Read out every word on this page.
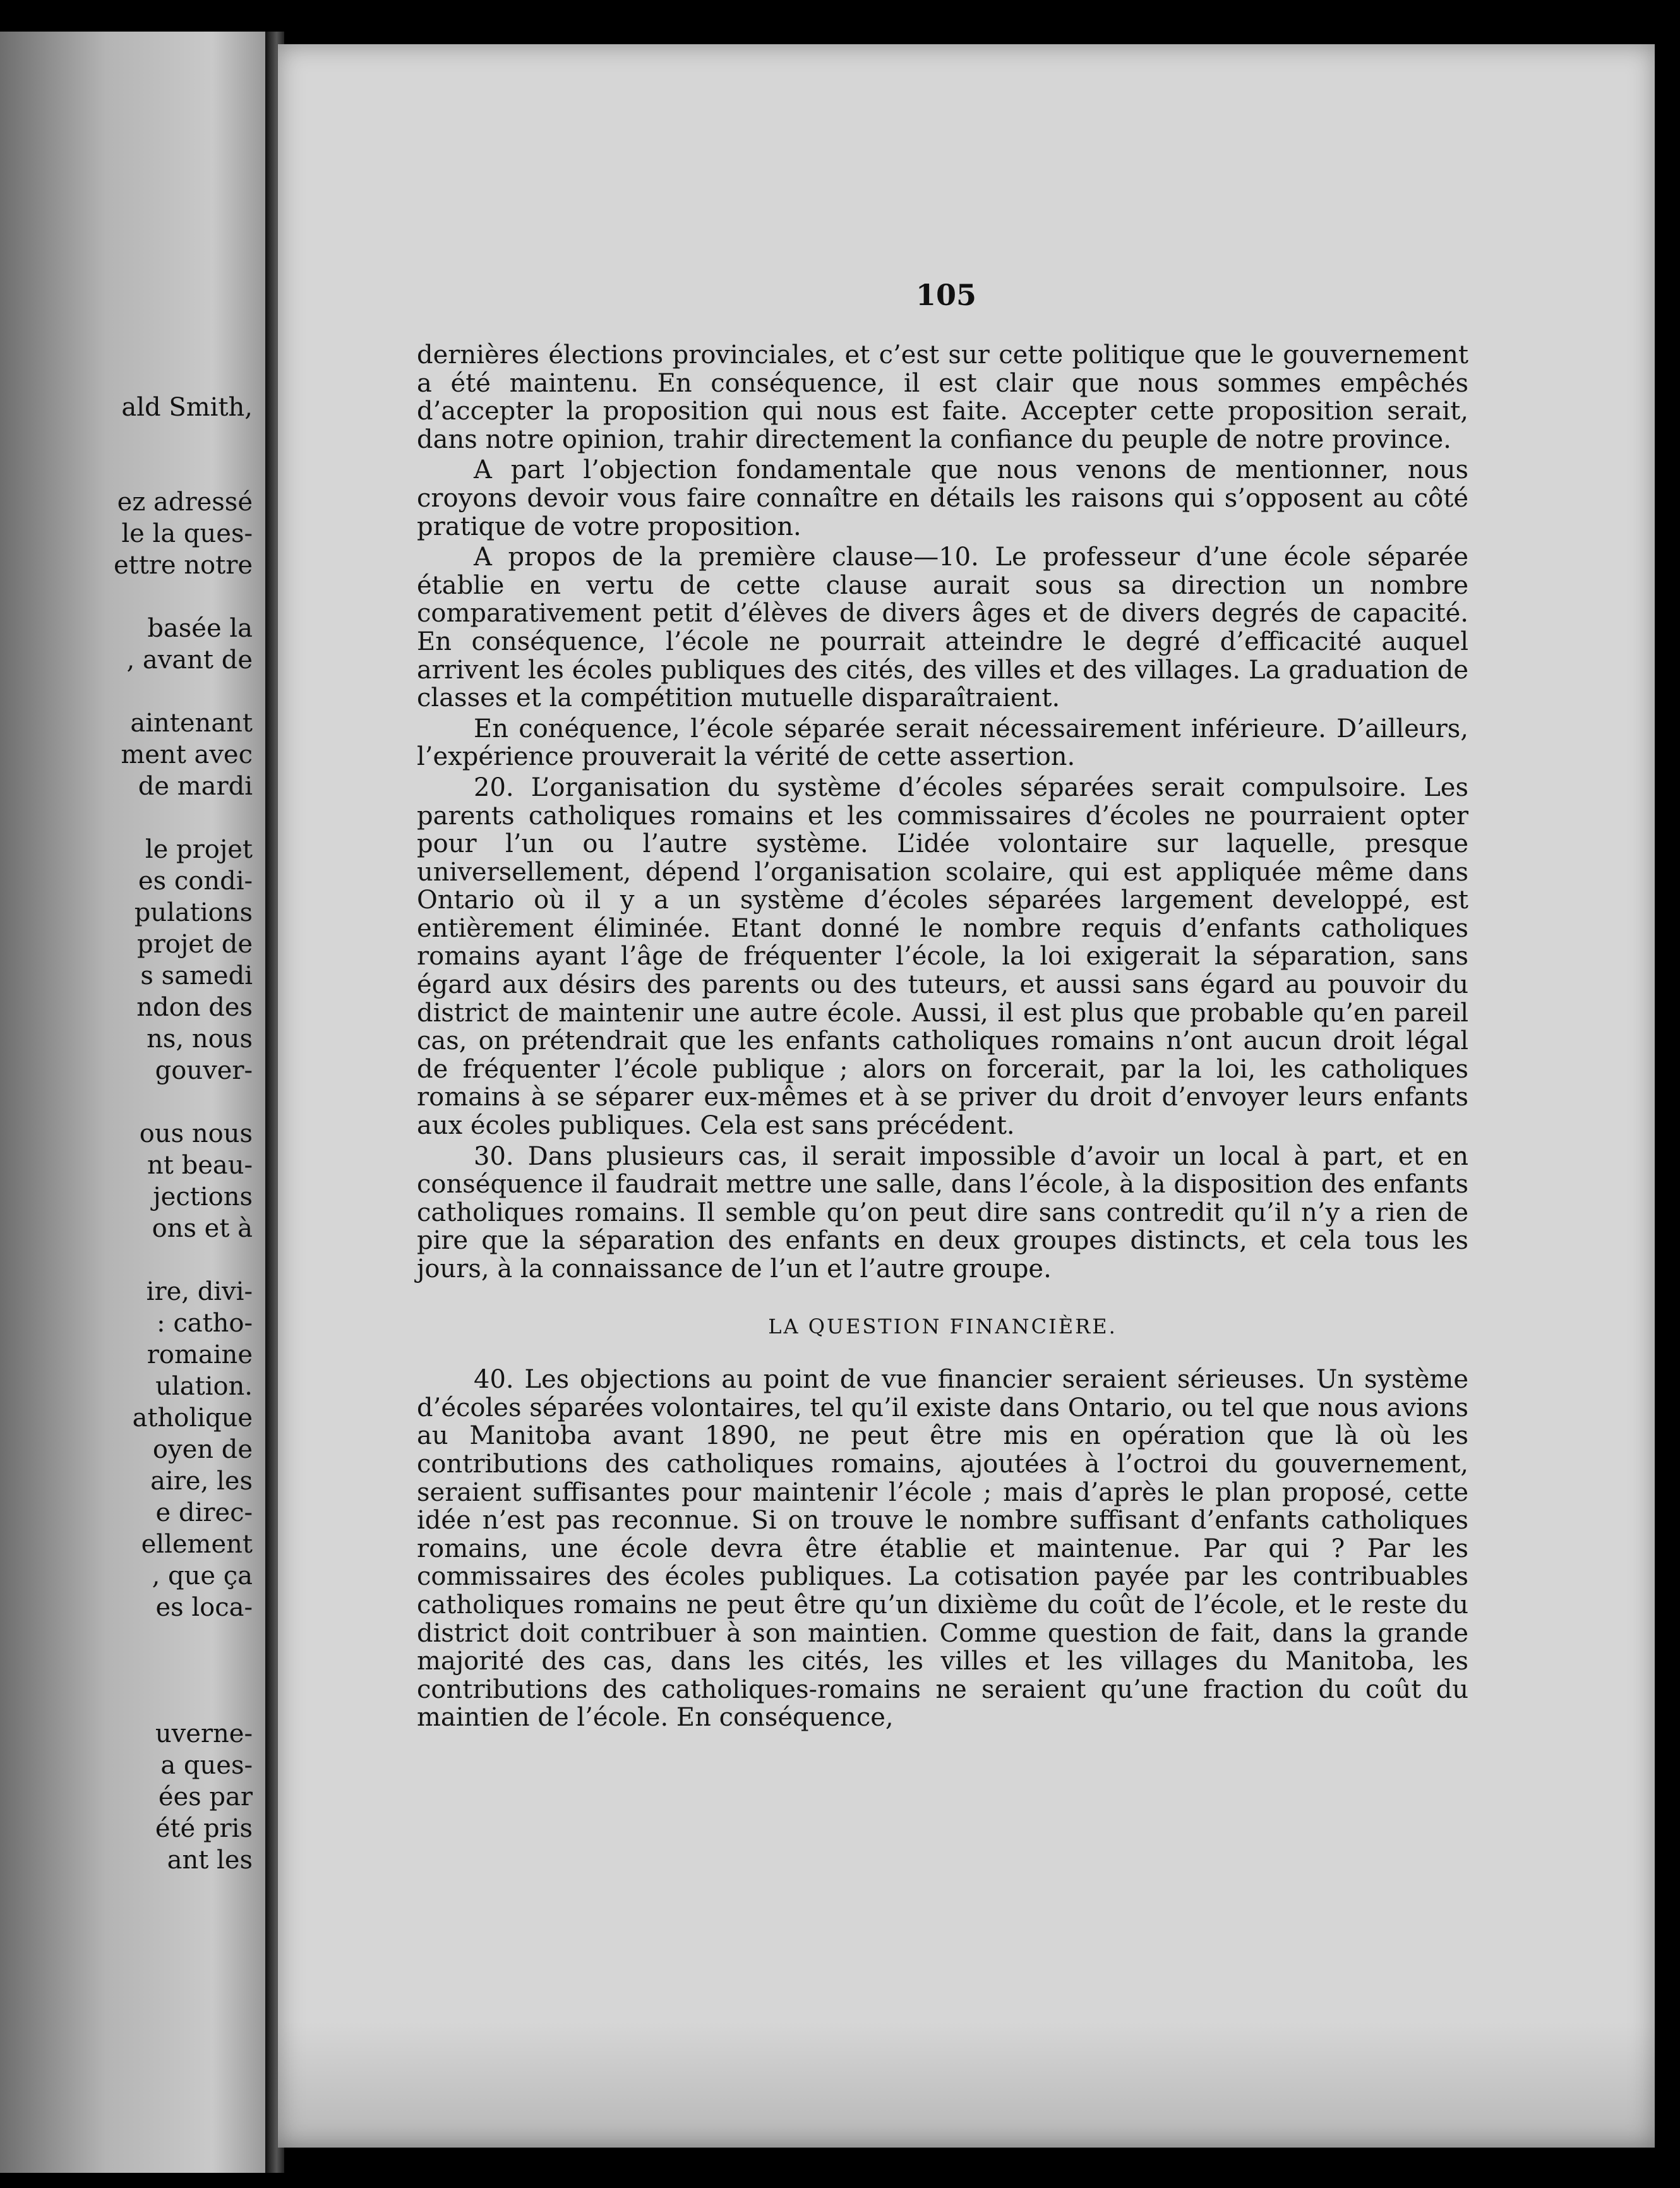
ald Smith,
ez adressé
le la ques-
ettre notre
basée la
, avant de
aintenant
ment avec
de mardi
le projet
es condi-
pulations
projet de
s samedi
ndon des
ns, nous
gouver-
ous nous
nt beau-
jections
ons et à
ire, divi-
: catho-
romaine
ulation.
atholique
oyen de
aire, les
e direc-
ellement
, que ça
es loca-
uverne-
a ques-
ées par
été pris
ant les
105

dernières élections provinciales, et c’est sur cette politique que le gouvernement a été maintenu. En conséquence, il est clair que nous sommes empêchés d’accepter la proposition qui nous est faite. Accepter cette proposition serait, dans notre opinion, trahir directement la confiance du peuple de notre province.

A part l’objection fondamentale que nous venons de mentionner, nous croyons devoir vous faire connaître en détails les raisons qui s’opposent au côté pratique de votre proposition.

A propos de la première clause—10. Le professeur d’une école séparée établie en vertu de cette clause aurait sous sa direction un nombre comparativement petit d’élèves de divers âges et de divers degrés de capacité. En conséquence, l’école ne pourrait atteindre le degré d’efficacité auquel arrivent les écoles publiques des cités, des villes et des villages. La graduation de classes et la compétition mutuelle disparaîtraient.

En conéquence, l’école séparée serait nécessairement inférieure. D’ailleurs, l’expérience prouverait la vérité de cette assertion.

20. L’organisation du système d’écoles séparées serait compulsoire. Les parents catholiques romains et les commissaires d’écoles ne pourraient opter pour l’un ou l’autre système. L’idée volontaire sur laquelle, presque universellement, dépend l’organisation scolaire, qui est appliquée même dans Ontario où il y a un système d’écoles séparées largement developpé, est entièrement éliminée. Etant donné le nombre requis d’enfants catholiques romains ayant l’âge de fréquenter l’école, la loi exigerait la séparation, sans égard aux désirs des parents ou des tuteurs, et aussi sans égard au pouvoir du district de maintenir une autre école. Aussi, il est plus que probable qu’en pareil cas, on prétendrait que les enfants catholiques romains n’ont aucun droit légal de fréquenter l’école publique ; alors on forcerait, par la loi, les catholiques romains à se séparer eux-mêmes et à se priver du droit d’envoyer leurs enfants aux écoles publiques. Cela est sans précédent.

30. Dans plusieurs cas, il serait impossible d’avoir un local à part, et en conséquence il faudrait mettre une salle, dans l’école, à la disposition des enfants catholiques romains. Il semble qu’on peut dire sans contredit qu’il n’y a rien de pire que la séparation des enfants en deux groupes distincts, et cela tous les jours, à la connaissance de l’un et l’autre groupe.

LA QUESTION FINANCIÈRE.

40. Les objections au point de vue financier seraient sérieuses. Un système d’écoles séparées volontaires, tel qu’il existe dans Ontario, ou tel que nous avions au Manitoba avant 1890, ne peut être mis en opération que là où les contributions des catholiques romains, ajoutées à l’octroi du gouvernement, seraient suffisantes pour maintenir l’école ; mais d’après le plan proposé, cette idée n’est pas reconnue. Si on trouve le nombre suffisant d’enfants catholiques romains, une école devra être établie et maintenue. Par qui ? Par les commissaires des écoles publiques. La cotisation payée par les contribuables catholiques romains ne peut être qu’un dixième du coût de l’école, et le reste du district doit contribuer à son maintien. Comme question de fait, dans la grande majorité des cas, dans les cités, les villes et les villages du Manitoba, les contributions des catholiques-romains ne seraient qu’une fraction du coût du maintien de l’école. En conséquence,
